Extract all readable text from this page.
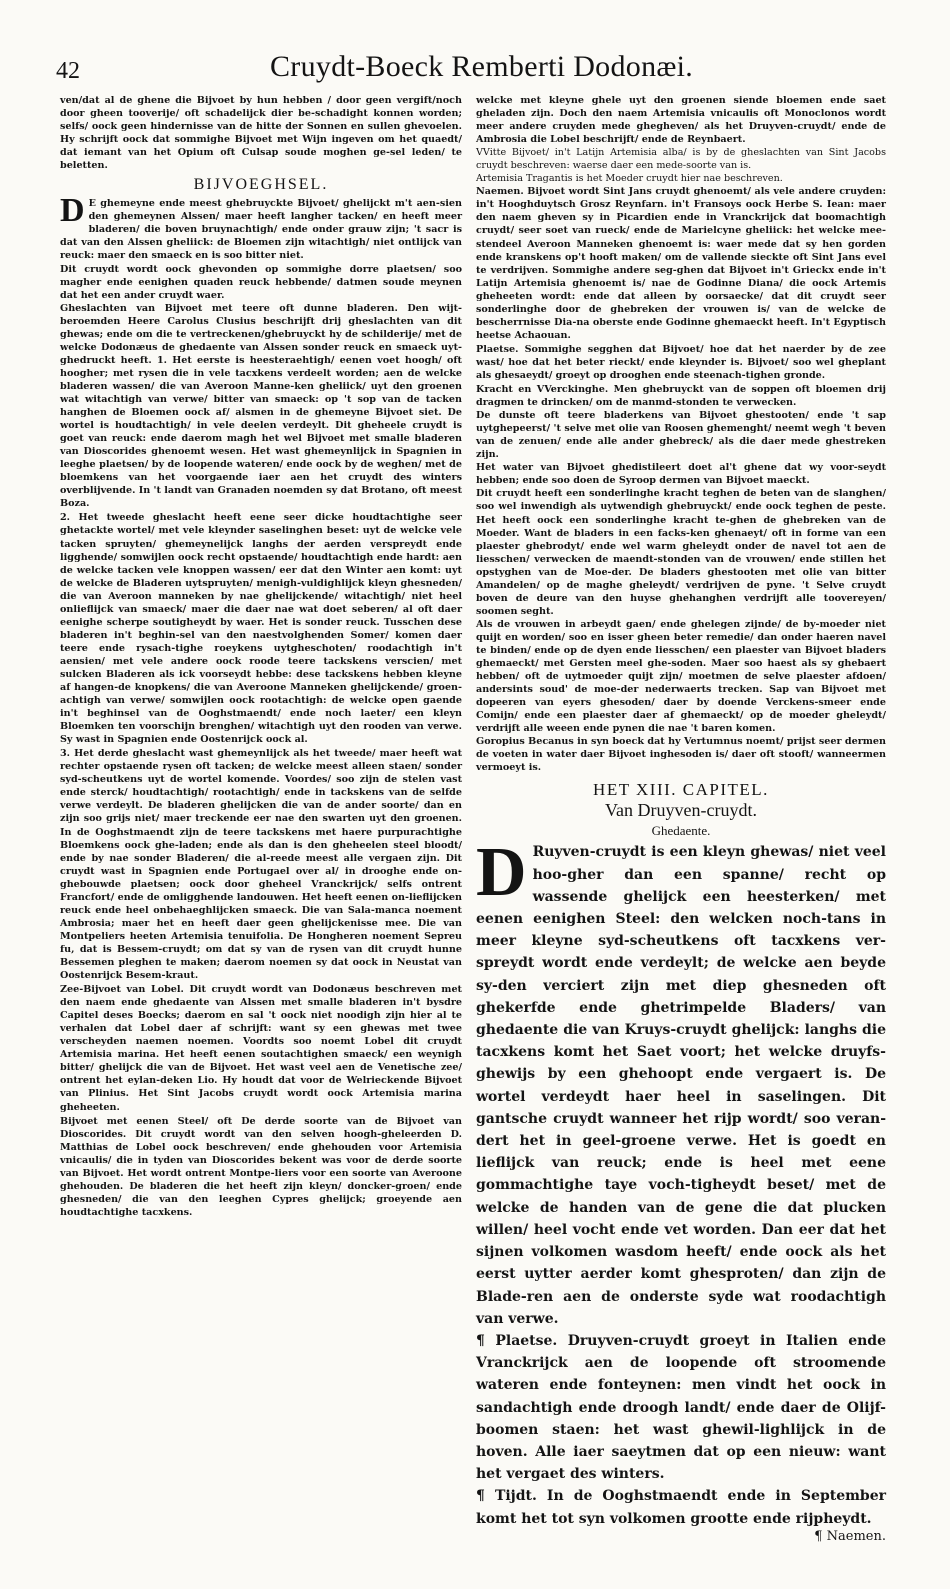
42	Cruydt-Boeck Remberti Dodonæi.

ven/dat al de ghene die Bijvoet by hun hebben / door geen vergift/noch door gheen tooverije/ oft schadelijck dier be-schadight konnen worden; selfs/ oock geen hindernisse van de hitte der Sonnen en sullen ghevoelen. Hy schrijft oock dat sommighe Bijvoet met Wijn ingeven om het quaedt/ dat iemant van het Opium oft Culsap soude moghen ge-sel leden/ te beletten.

BIJVOEGHSEL.

D E ghemeyne ende meest ghebruyckte Bijvoet/ ghelijckt m't aen-sien den ghemeynen Alssen/ maer heeft langher tacken/ en heeft meer bladeren/ die boven bruynachtigh/ ende onder grauw zijn; 't sacr is dat van den Alssen gheliick: de Bloemen zijn witachtigh/ niet ontlijck van reuck: maer den smaeck en is soo bitter niet.

Dit cruydt wordt oock ghevonden op sommighe dorre plaetsen/ soo magher ende eenighen quaden reuck hebbende/ datmen soude meynen dat het een ander cruydt waer.

Gheslachten van Bijvoet met teere oft dunne bladeren. Den wijt-beroemden Heere Carolus Clusius beschrijft drij gheslachten van dit ghewas; ende om die te vertreckenen/ghebruyckt hy de schilderije/ met de welcke Dodonæus de ghedaente van Alssen sonder reuck en smaeck uyt-ghedruckt heeft. 1. Het eerste is heesteraehtigh/ eenen voet hoogh/ oft hoogher; met rysen die in vele tacxkens verdeelt worden; aen de welcke bladeren wassen/ die van Averoon Manne-ken gheliick/ uyt den groenen wat witachtigh van verwe/ bitter van smaeck: op 't sop van de tacken hanghen de Bloemen oock af/ alsmen in de ghemeyne Bijvoet siet. De wortel is houdtachtigh/ in vele deelen verdeylt. Dit gheheele cruydt is goet van reuck: ende daerom magh het wel Bijvoet met smalle bladeren van Dioscorides ghenoemt wesen. Het wast ghemeynlijck in Spagnien in leeghe plaetsen/ by de loopende wateren/ ende oock by de weghen/ met de bloemkens van het voorgaende iaer aen het cruydt des winters overblijvende. In 't landt van Granaden noemden sy dat Brotano, oft meest Boza.

2. Het tweede gheslacht heeft eene seer dicke houdtachtighe seer ghetackte wortel/ met vele kleynder saselinghen beset: uyt de welcke vele tacken spruyten/ ghemeynelijck langhs der aerden verspreydt ende ligghende/ somwijlen oock recht opstaende/ houdtachtigh ende hardt: aen de welcke tacken vele knoppen wassen/ eer dat den Winter aen komt: uyt de welcke de Bladeren uytspruyten/ menigh-vuldighlijck kleyn ghesneden/ die van Averoon manneken by nae ghelijckende/ witachtigh/ niet heel onlieflijck van smaeck/ maer die daer nae wat doet seberen/ al oft daer eenighe scherpe soutigheydt by waer. Het is sonder reuck. Tusschen dese bladeren in't beghin-sel van den naestvolghenden Somer/ komen daer teere ende rysach-tighe roeykens uytgheschoten/ roodachtigh in't aensien/ met vele andere oock roode teere tackskens verscien/ met sulcken Bladeren als ick voorseydt hebbe: dese tackskens hebben kleyne af hangen-de knopkens/ die van Averoone Manneken ghelijckende/ groen-achtigh van verwe/ somwijlen oock rootachtigh: de welcke open gaende in't beghinsel van de Ooghstmaendt/ ende noch laeter/ een kleyn Bloemken ten voorschijn brenghen/ witachtigh uyt den rooden van verwe. Sy wast in Spagnien ende Oostenrijck oock al.

3. Het derde gheslacht wast ghemeynlijck als het tweede/ maer heeft wat rechter opstaende rysen oft tacken; de welcke meest alleen staen/ sonder syd-scheutkens uyt de wortel komende. Voordes/ soo zijn de stelen vast ende sterck/ houdtachtigh/ rootachtigh/ ende in tackskens van de selfde verwe verdeylt. De bladeren ghelijcken die van de ander soorte/ dan en zijn soo grijs niet/ maer treckende eer nae den swarten uyt den groenen. In de Ooghstmaendt zijn de teere tackskens met haere purpurachtighe Bloemkens oock ghe-laden; ende als dan is den gheheelen steel bloodt/ ende by nae sonder Bladeren/ die al-reede meest alle vergaen zijn. Dit cruydt wast in Spagnien ende Portugael over al/ in drooghe ende on-ghebouwde plaetsen; oock door gheheel Vranckrijck/ selfs ontrent Francfort/ ende de omligghende landouwen. Het heeft eenen on-lieflijcken reuck ende heel onbehaeghlijcken smaeck. Die van Sala-manca noement Ambrosia; maer het en heeft daer geen ghelijckenisse mee. Die van Montpeliers heeten Artemisia tenuifolia. De Hongheren noement Sepreu fu, dat is Bessem-cruydt; om dat sy van de rysen van dit cruydt hunne Bessemen pleghen te maken; daerom noemen sy dat oock in Neustat van Oostenrijck Besem-kraut.

Zee-Bijvoet van Lobel. Dit cruydt wordt van Dodonæus beschreven met den naem ende ghedaente van Alssen met smalle bladeren in't bysdre Capitel deses Boecks; daerom en sal 't oock niet noodigh zijn hier al te verhalen dat Lobel daer af schrijft: want sy een ghewas met twee verscheyden naemen noemen. Voordts soo noemt Lobel dit cruydt Artemisia marina. Het heeft eenen soutachtighen smaeck/ een weynigh bitter/ ghelijck die van de Bijvoet. Het wast veel aen de Venetische zee/ ontrent het eylan-deken Lio. Hy houdt dat voor de Welrieckende Bijvoet van Plinius. Het Sint Jacobs cruydt wordt oock Artemisia marina gheheeten.

Bijvoet met eenen Steel/ oft De derde soorte van de Bijvoet van Dioscorides. Dit cruydt wordt van den selven hoogh-gheleerden D. Matthias de Lobel oock beschreven/ ende ghehouden voor Artemisia vnicaulis/ die in tyden van Dioscorides bekent was voor de derde soorte van Bijvoet. Het wordt ontrent Montpe-liers voor een soorte van Averoone ghehouden. De bladeren die het heeft zijn kleyn/ doncker-groen/ ende ghesneden/ die van den leeghen Cypres ghelijck; groeyende aen houdtachtighe tacxkens.

welcke met kleyne ghele uyt den groenen siende bloemen ende saet gheladen zijn. Doch den naem Artemisia vnicaulis oft Monoclonos wordt meer andere cruyden mede ghegheven/ als het Druyven-cruydt/ ende de Ambrosia die Lobel beschrijft/ ende de Reynbaert.

VVitte Bijvoet/ in't Latijn Artemisia alba/ is by de gheslachten van Sint Jacobs cruydt beschreven: waerse daer een mede-soorte van is.

Artemisia Tragantis is het Moeder cruydt hier nae beschreven.

Naemen. Bijvoet wordt Sint Jans cruydt ghenoemt/ als vele andere cruyden: in't Hooghduytsch Grosz Reynfarn. in't Fransoys oock Herbe S. Iean: maer den naem gheven sy in Picardien ende in Vranckrijck dat boomachtigh cruydt/ seer soet van rueck/ ende de Marielcyne gheliick: het welcke mee-stendeel Averoon Manneken ghenoemt is: waer mede dat sy hen gorden ende kranskens op't hooft maken/ om de vallende sieckte oft Sint Jans evel te verdrijven. Sommighe andere seg-ghen dat Bijvoet in't Grieckx ende in't Latijn Artemisia ghenoemt is/ nae de Godinne Diana/ die oock Artemis gheheeten wordt: ende dat alleen by oorsaecke/ dat dit cruydt seer sonderlinghe door de ghebreken der vrouwen is/ van de welcke de bescherrnisse Dia-na oberste ende Godinne ghemaeckt heeft. In't Egyptisch heetse Achaouan.

Plaetse. Sommighe segghen dat Bijvoet/ hoe dat het naerder by de zee wast/ hoe dat het beter rieckt/ ende kleynder is. Bijvoet/ soo wel gheplant als ghesaeydt/ groeyt op drooghen ende steenach-tighen gronde.

Kracht en VVerckinghe. Men ghebruyckt van de soppen oft bloemen drij dragmen te drincken/ om de manmd-stonden te verwecken.

De dunste oft teere bladerkens van Bijvoet ghestooten/ ende 't sap uytghepeerst/ 't selve met olie van Roosen ghemenght/ neemt wegh 't beven van de zenuen/ ende alle ander ghebreck/ als die daer mede ghestreken zijn.

Het water van Bijvoet ghedistileert doet al't ghene dat wy voor-seydt hebben; ende soo doen de Syroop dermen van Bijvoet maeckt.

Dit cruydt heeft een sonderlinghe kracht teghen de beten van de slanghen/ soo wel inwendigh als uytwendigh ghebruyckt/ ende oock teghen de peste. Het heeft oock een sonderlinghe kracht te-ghen de ghebreken van de Moeder. Want de bladers in een facks-ken ghenaeyt/ oft in forme van een plaester ghebrodyt/ ende wel warm gheleydt onder de navel tot aen de liesschen/ verwecken de maendt-stonden van de vrouwen/ ende stillen het opstyghen van de Moe-der. De bladers ghestooten met olie van bitter Amandelen/ op de maghe gheleydt/ verdrijven de pyne. 't Selve cruydt boven de deure van den huyse ghehanghen verdrijft alle toovereyen/ soomen seght.

Als de vrouwen in arbeydt gaen/ ende ghelegen zijnde/ de by-moeder niet quijt en worden/ soo en isser gheen beter remedie/ dan onder haeren navel te binden/ ende op de dyen ende liesschen/ een plaester van Bijvoet bladers ghemaeckt/ met Gersten meel ghe-soden. Maer soo haest als sy ghebaert hebben/ oft de uytmoeder quijt zijn/ moetmen de selve plaester afdoen/ andersints soud' de moe-der nederwaerts trecken. Sap van Bijvoet met dopeeren van eyers ghesoden/ daer by doende Verckens-smeer ende Comijn/ ende een plaester daer af ghemaeckt/ op de moeder gheleydt/ verdrijft alle weeen ende pynen die nae 't baren komen.

Goropius Becanus in syn boeck dat hy Vertumnus noemt/ prijst seer dermen de voeten in water daer Bijvoet inghesoden is/ daer oft stooft/ wanneermen vermoeyt is.

HET XIII. CAPITEL.
Van Druyven-cruydt.
Ghedaente.

D Ruyven-cruydt is een kleyn ghewas/ niet veel hoo-gher dan een spanne/ recht op wassende ghelijck een heesterken/ met eenen eenighen Steel: den welcken noch-tans in meer kleyne syd-scheutkens oft tacxkens ver-spreydt wordt ende verdeylt; de welcke aen beyde sy-den verciert zijn met diep ghesneden oft ghekerfde ende ghetrimpelde Bladers/ van ghedaente die van Kruys-cruydt ghelijck: langhs die tacxkens komt het Saet voort; het welcke druyfs-ghewijs by een ghehoopt ende vergaert is. De wortel verdeydt haer heel in saselingen. Dit gantsche cruydt wanneer het rijp wordt/ soo veran-dert het in geel-groene verwe. Het is goedt en lieflijck van reuck; ende is heel met eene gommachtighe taye voch-tigheydt beset/ met de welcke de handen van de gene die dat plucken willen/ heel vocht ende vet worden. Dan eer dat het sijnen volkomen wasdom heeft/ ende oock als het eerst uytter aerder komt ghesproten/ dan zijn de Blade-ren aen de onderste syde wat roodachtigh van verwe.

¶ Plaetse. Druyven-cruydt groeyt in Italien ende Vranckrijck aen de loopende oft stroomende wateren ende fonteynen: men vindt het oock in sandachtigh ende droogh landt/ ende daer de Olijf-boomen staen: het wast ghewil-lighlijck in de hoven. Alle iaer saeytmen dat op een nieuw: want het vergaet des winters.

¶ Tijdt. In de Ooghstmaendt ende in September komt het tot syn volkomen grootte ende rijpheydt.

¶ Naemen.
